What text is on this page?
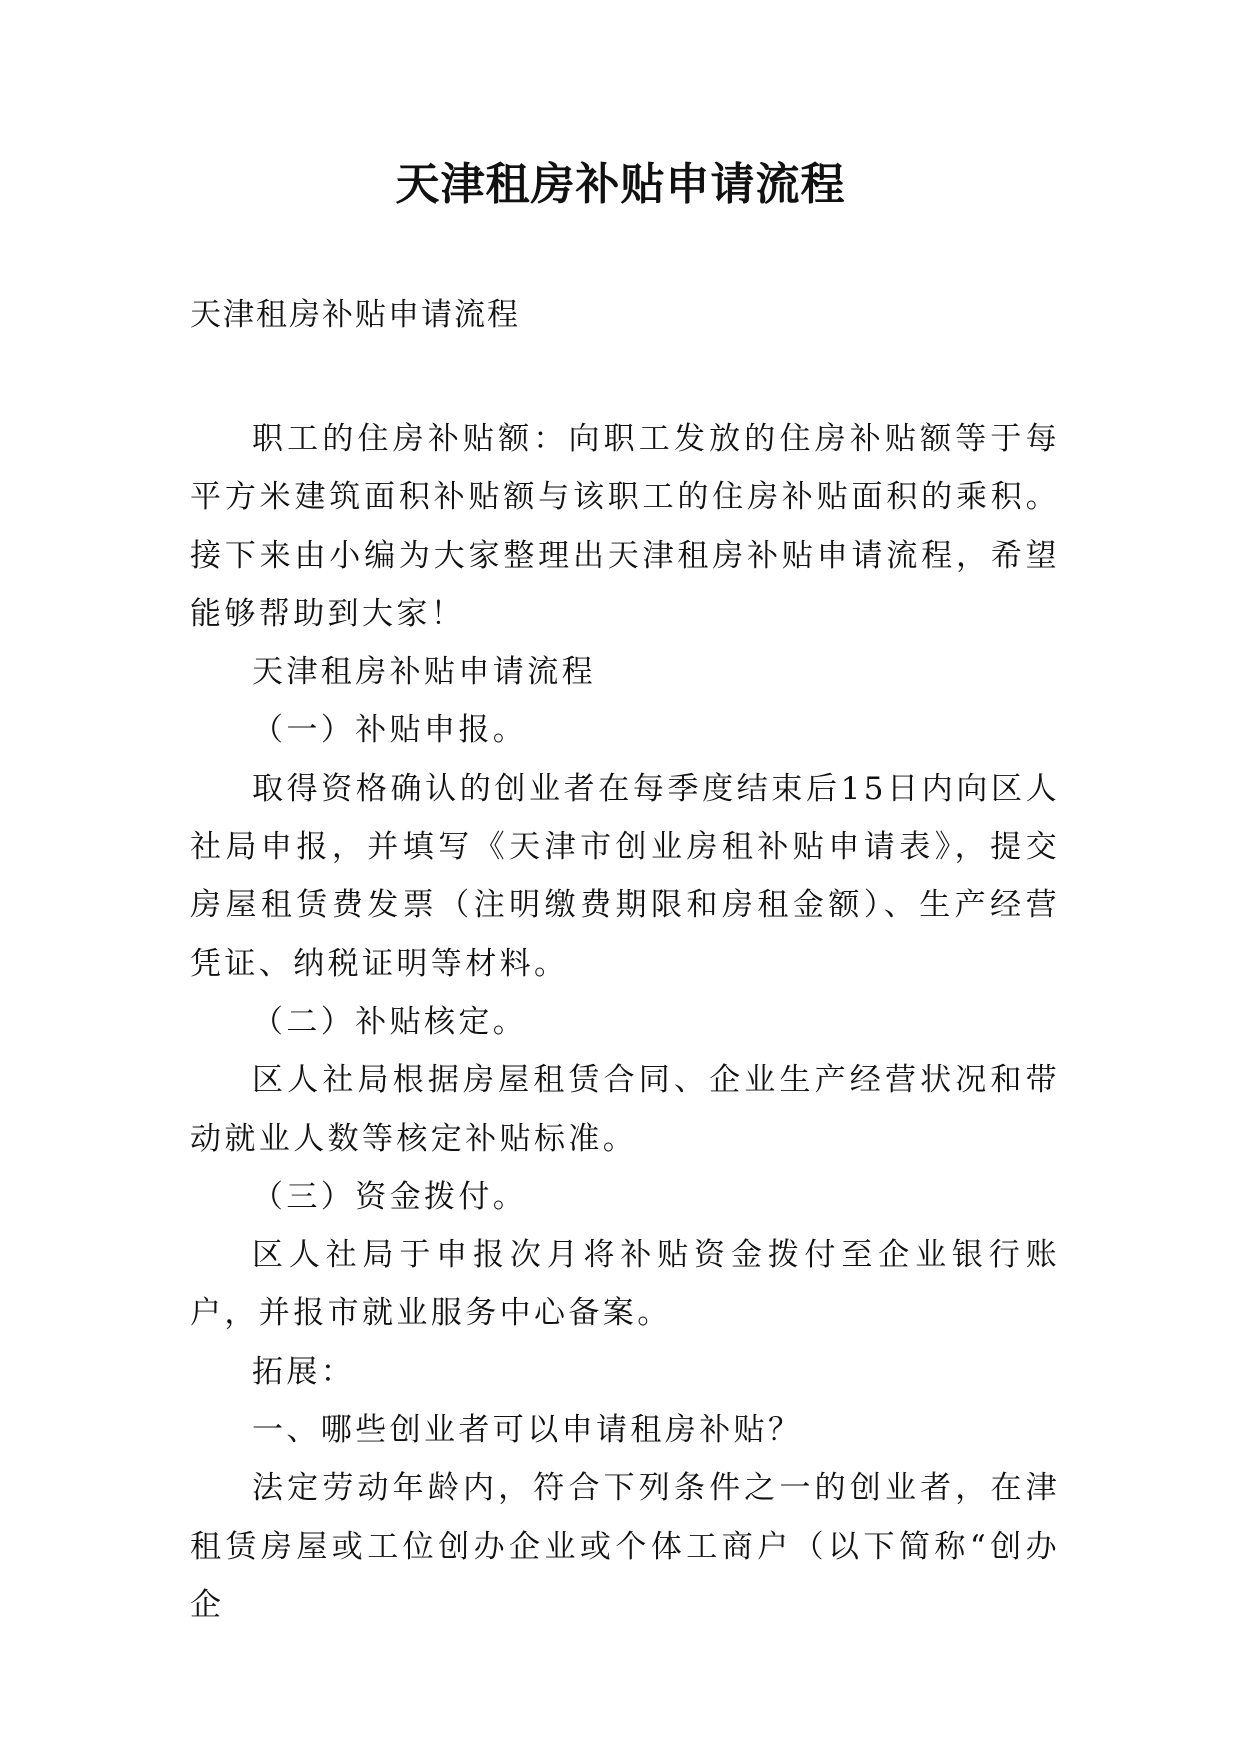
天津租房补贴申请流程

天津租房补贴申请流程

职工的住房补贴额：向职工发放的住房补贴额等于每平方米建筑面积补贴额与该职工的住房补贴面积的乘积。接下来由小编为大家整理出天津租房补贴申请流程，希望能够帮助到大家！

天津租房补贴申请流程

（一）补贴申报。

取得资格确认的创业者在每季度结束后15日内向区人社局申报，并填写《天津市创业房租补贴申请表》，提交房屋租赁费发票（注明缴费期限和房租金额）、生产经营凭证、纳税证明等材料。

（二）补贴核定。

区人社局根据房屋租赁合同、企业生产经营状况和带动就业人数等核定补贴标准。

（三）资金拨付。

区人社局于申报次月将补贴资金拨付至企业银行账户，并报市就业服务中心备案。

拓展：

一、哪些创业者可以申请租房补贴？

法定劳动年龄内，符合下列条件之一的创业者，在津租赁房屋或工位创办企业或个体工商户（以下简称“创办企
